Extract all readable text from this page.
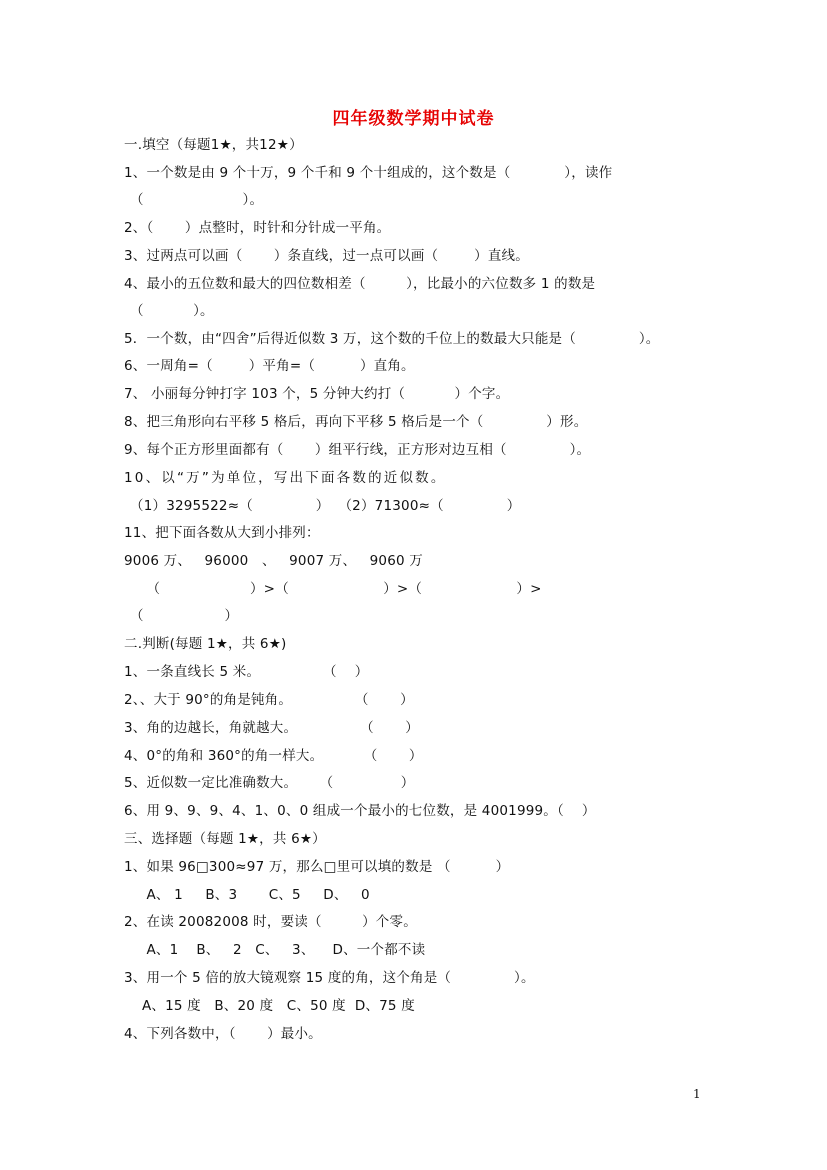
四年级数学期中试卷
一.填空（每题1★，共12★）
1、一个数是由 9 个十万，9 个千和 9 个十组成的，这个数是（            ），读作
（                      ）。
2、（       ）点整时，时针和分针成一平角。
3、过两点可以画（       ）条直线，过一点可以画（        ）直线。
4、最小的五位数和最大的四位数相差（         ），比最小的六位数多 1 的数是
（           ）。
5．一个数，由“四舍”后得近似数 3 万，这个数的千位上的数最大只能是（              ）。
6、一周角=（        ）平角=（          ）直角。
7、 小丽每分钟打字 103 个，5 分钟大约打（           ）个字。
8、把三角形向右平移 5 格后，再向下平移 5 格后是一个（              ）形。
9、每个正方形里面都有（       ）组平行线，正方形对边互相（              ）。
10、以“万”为单位，写出下面各数的近似数。
（1）3295522≈（              ）  （2）71300≈（              ）
11、把下面各数从大到小排列：
9006 万、   96000   、   9007 万、   9060 万
（                    ）>（                     ）>（                     ）>
（                  ）
二.判断(每题 1★，共 6★)
1、一条直线长 5 米。              （    ）
2、、大于 90°的角是钝角。              （       ）
3、角的边越长，角就越大。              （       ）
4、0°的角和 360°的角一样大。         （       ）
5、近似数一定比准确数大。     （               ）
6、用 9、9、9、4、1、0、0 组成一个最小的七位数，是 4001999。（    ）
三、选择题（每题 1★，共 6★）
1、如果 96□300≈97 万，那么□里可以填的数是 （          ）
A、 1     B、3       C、5     D、   0
2、在读 20082008 时，要读（         ）个零。
A、1    B、   2   C、   3、    D、一个都不读
3、用一个 5 倍的放大镜观察 15 度的角，这个角是（              ）。
A、15 度   B、20 度   C、50 度  D、75 度
4、下列各数中，（       ）最小。
1
